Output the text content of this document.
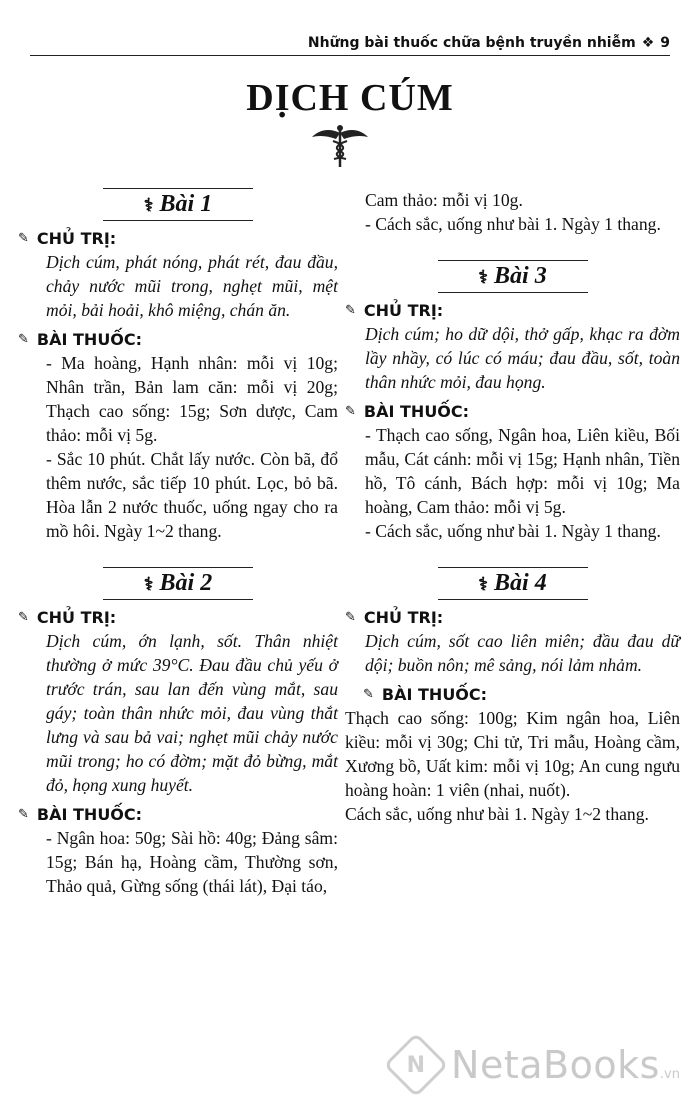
Những bài thuốc chữa bệnh truyền nhiễm ❖ 9
DỊCH CÚM
⚕ Bài 1
✎ CHỦ TRỊ:

Dịch cúm, phát nóng, phát rét, đau đầu, chảy nước mũi trong, nghẹt mũi, mệt mỏi, bải hoải, khô miệng, chán ăn.

✎ BÀI THUỐC:

- Ma hoàng, Hạnh nhân: mỗi vị 10g; Nhân trần, Bản lam căn: mỗi vị 20g; Thạch cao sống: 15g; Sơn dược, Cam thảo: mỗi vị 5g.

- Sắc 10 phút. Chắt lấy nước. Còn bã, đổ thêm nước, sắc tiếp 10 phút. Lọc, bỏ bã. Hòa lẫn 2 nước thuốc, uống ngay cho ra mồ hôi. Ngày 1~2 thang.

⚕ Bài 2
✎ CHỦ TRỊ:

Dịch cúm, ớn lạnh, sốt. Thân nhiệt thường ở mức 39°C. Đau đầu chủ yếu ở trước trán, sau lan đến vùng mắt, sau gáy; toàn thân nhức mỏi, đau vùng thắt lưng và sau bả vai; nghẹt mũi chảy nước mũi trong; ho có đờm; mặt đỏ bừng, mắt đỏ, họng xung huyết.

✎ BÀI THUỐC:

- Ngân hoa: 50g; Sài hồ: 40g; Đảng sâm: 15g; Bán hạ, Hoàng cầm, Thường sơn, Thảo quả, Gừng sống (thái lát), Đại táo,

Cam thảo: mỗi vị 10g.

- Cách sắc, uống như bài 1. Ngày 1 thang.

⚕ Bài 3
✎ CHỦ TRỊ:

Dịch cúm; ho dữ dội, thở gấp, khạc ra đờm lầy nhầy, có lúc có máu; đau đầu, sốt, toàn thân nhức mỏi, đau họng.

✎ BÀI THUỐC:

- Thạch cao sống, Ngân hoa, Liên kiều, Bối mẫu, Cát cánh: mỗi vị 15g; Hạnh nhân, Tiền hồ, Tô cánh, Bách hợp: mỗi vị 10g; Ma hoàng, Cam thảo: mỗi vị 5g.

- Cách sắc, uống như bài 1. Ngày 1 thang.

⚕ Bài 4
✎ CHỦ TRỊ:

Dịch cúm, sốt cao liên miên; đầu đau dữ dội; buồn nôn; mê sảng, nói lảm nhảm.

✎ BÀI THUỐC:

Thạch cao sống: 100g; Kim ngân hoa, Liên kiều: mỗi vị 30g; Chi tử, Tri mẫu, Hoàng cầm, Xương bồ, Uất kim: mỗi vị 10g; An cung ngưu hoàng hoàn: 1 viên (nhai, nuốt).

Cách sắc, uống như bài 1. Ngày 1~2 thang.

N NetaBooks .vn
